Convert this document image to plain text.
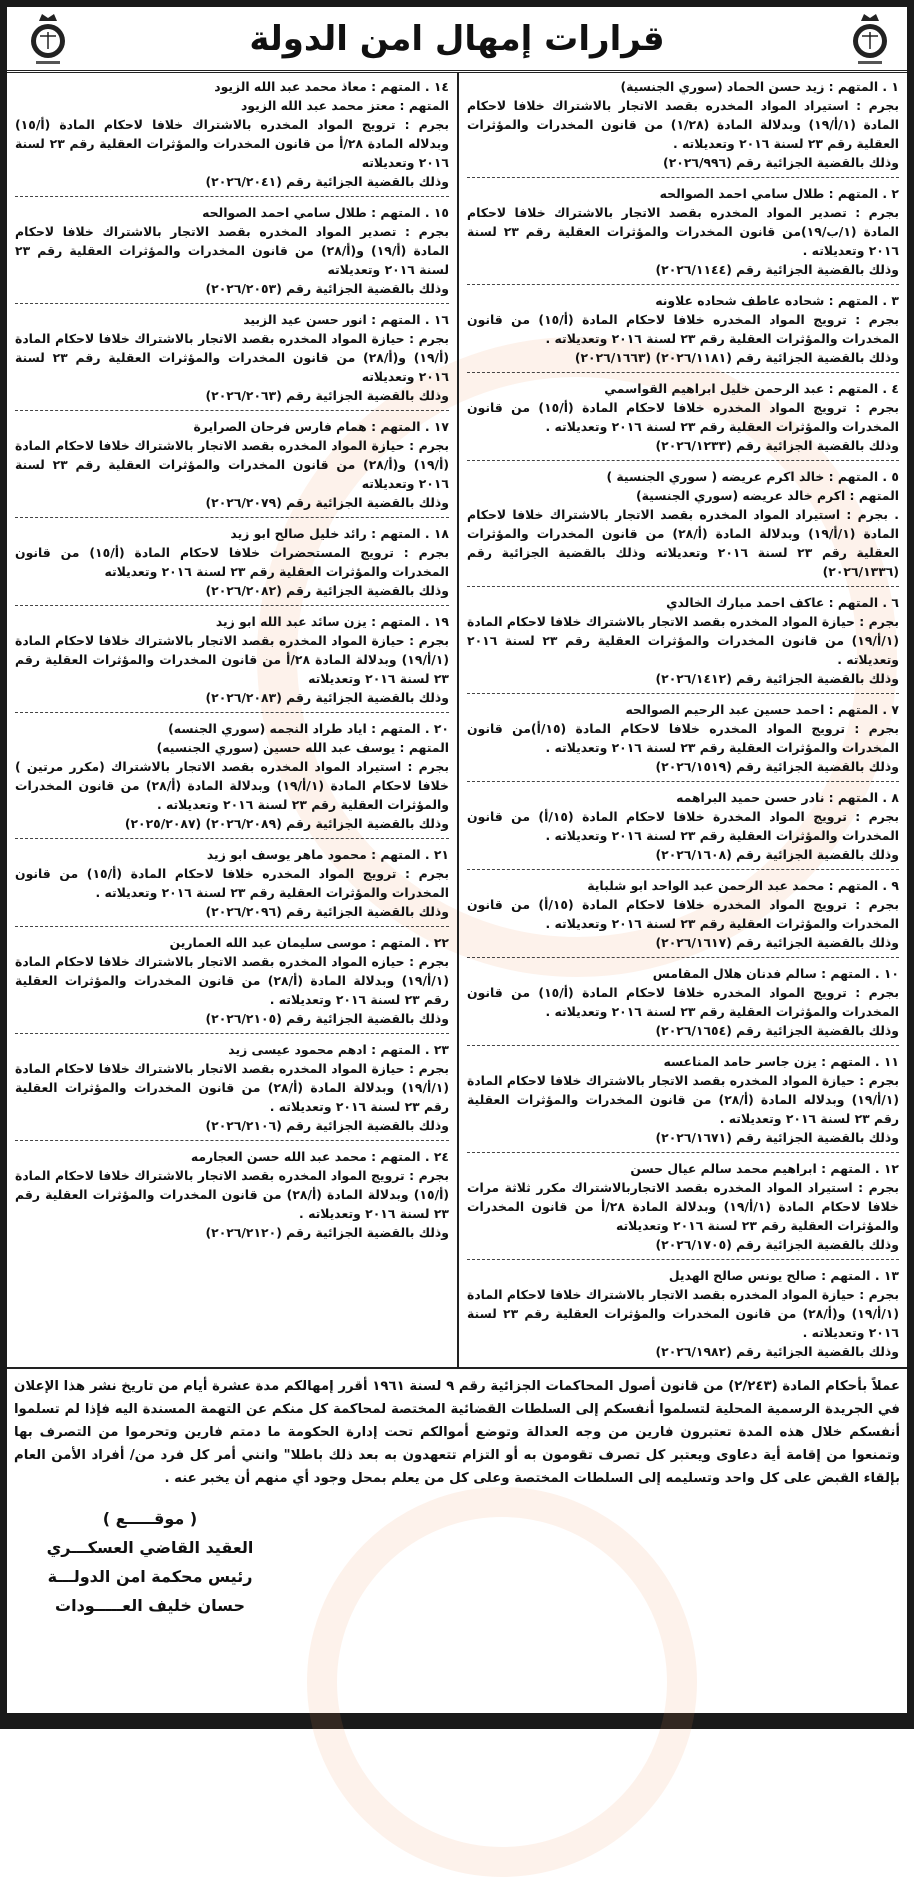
قرارات إمهال امن الدولة
١ . المتهم : زيد حسن الحماد (سوري الجنسية)
بجرم : استيراد المواد المخدره بقصد الاتجار بالاشتراك خلافا لاحكام المادة (١/أ/١٩) وبدلالة المادة (١/٢٨) من قانون المخدرات والمؤثرات العقلية رقم ٢٣ لسنة ٢٠١٦ وتعديلاته .
وذلك بالقضية الجزائية رقم (٢٠٢٦/٩٩٦)
٢ . المتهم : طلال سامي احمد الصوالحه
بجرم : تصدير المواد المخدره بقصد الاتجار بالاشتراك خلافا لاحكام المادة (١/ب/١٩)من قانون المخدرات والمؤثرات العقلية رقم ٢٣ لسنة ٢٠١٦ وتعديلاته .
وذلك بالقضية الجزائية رقم (٢٠٢٦/١١٤٤)
٣ . المتهم : شحاده عاطف شحاده علاونه
بجرم : ترويج المواد المخدره خلافا لاحكام المادة (أ/١٥) من قانون المخدرات والمؤثرات العقلية رقم ٢٣ لسنة ٢٠١٦ وتعديلاته .
وذلك بالقضية الجزائية رقم (٢٠٢٦/١١٨١) (٢٠٢٦/١٦٦٣)
٤ . المتهم : عبد الرحمن خليل ابراهيم القواسمي
بجرم : ترويج المواد المخدره خلافا لاحكام المادة (أ/١٥) من قانون المخدرات والمؤثرات العقلية رقم ٢٣ لسنة ٢٠١٦ وتعديلاته .
وذلك بالقضية الجزائية رقم (٢٠٢٦/١٢٣٣)
٥ . المتهم : خالد اكرم عريضه ( سوري الجنسية )
المتهم : اكرم خالد عريضه (سوري الجنسية)
. بجرم : استيراد المواد المخدره بقصد الاتجار بالاشتراك خلافا لاحكام المادة (١/أ/١٩) وبدلالة المادة (أ/٢٨) من قانون المخدرات والمؤثرات العقلية رقم ٢٣ لسنة ٢٠١٦ وتعديلاته وذلك بالقضية الجزائية رقم (٢٠٢٦/١٣٣٦)
٦ . المتهم : عاكف احمد مبارك الخالدي
بجرم : حيازة المواد المخدره بقصد الاتجار بالاشتراك خلافا لاحكام المادة (١/أ/١٩) من قانون المخدرات والمؤثرات العقلية رقم ٢٣ لسنة ٢٠١٦ وتعديلاته .
وذلك بالقضية الجزائية رقم (٢٠٢٦/١٤١٢)
٧ . المتهم : احمد حسين عبد الرحيم الصوالحه
بجرم : ترويج المواد المخدره خلافا لاحكام المادة (١٥/أ)من قانون المخدرات والمؤثرات العقلية رقم ٢٣ لسنة ٢٠١٦ وتعديلاته .
وذلك بالقضية الجزائية رقم (٢٠٢٦/١٥١٩)
٨ . المتهم : نادر حسن حميد البراهمه
بجرم : ترويج المواد المخدرة خلافا لاحكام المادة (١٥/أ) من قانون المخدرات والمؤثرات العقلية رقم ٢٣ لسنة ٢٠١٦ وتعديلاته .
وذلك بالقضية الجزائية رقم (٢٠٢٦/١٦٠٨)
٩ . المتهم : محمد عبد الرحمن عبد الواحد ابو شلباية
بجرم : ترويج المواد المخدره خلافا لاحكام المادة (١٥/أ) من قانون المخدرات والمؤثرات العقلية رقم ٢٣ لسنة ٢٠١٦ وتعديلاته .
وذلك بالقضية الجزائية رقم (٢٠٢٦/١٦١٧)
١٠ . المتهم : سالم فدنان هلال المقامس
بجرم : ترويج المواد المخدره خلافا لاحكام المادة (أ/١٥) من قانون المخدرات والمؤثرات العقلية رقم ٢٣ لسنة ٢٠١٦ وتعديلاته .
وذلك بالقضية الجزائية رقم (٢٠٢٦/١٦٥٤)
١١ . المتهم : يزن جاسر حامد المناعسه
بجرم : حيازة المواد المخدره بقصد الاتجار بالاشتراك خلافا لاحكام المادة (١/أ/١٩) وبدلاله المادة (أ/٢٨) من قانون المخدرات والمؤثرات العقلية رقم ٢٣ لسنة ٢٠١٦ وتعديلاته .
وذلك بالقضية الجزائية رقم (٢٠٢٦/١٦٧١)
١٢ . المتهم : ابراهيم محمد سالم عيال حسن
بجرم : استيراد المواد المخدره بقصد الاتجاربالاشتراك مكرر ثلاثة مرات خلافا لاحكام المادة (١/أ/١٩) وبدلالة المادة ٢٨/أ من قانون المخدرات والمؤثرات العقلية رقم ٢٣ لسنة ٢٠١٦ وتعديلاته
وذلك بالقضية الجزائية رقم (٢٠٢٦/١٧٠٥)
١٣ . المتهم : صالح يونس صالح الهديل
بجرم : حيازة المواد المخدره بقصد الاتجار بالاشتراك خلافا لاحكام المادة (١/أ/١٩) و(أ/٢٨) من قانون المخدرات والمؤثرات العقلية رقم ٢٣ لسنة ٢٠١٦ وتعديلاته .
وذلك بالقضية الجزائية رقم (٢٠٢٦/١٩٨٢)
١٤ . المتهم : معاذ محمد عبد الله الزيود
المتهم : معتز محمد عبد الله الزيود
بجرم : ترويج المواد المخدره بالاشتراك خلافا لاحكام المادة (أ/١٥) وبدلاله المادة ٢٨/أ من قانون المخدرات والمؤثرات العقلية رقم ٢٣ لسنة ٢٠١٦ وتعديلاته
وذلك بالقضية الجزائية رقم (٢٠٢٦/٢٠٤١)
١٥ . المتهم : طلال سامي احمد الصوالحه
بجرم : تصدير المواد المخدره بقصد الاتجار بالاشتراك خلافا لاحكام المادة (أ/١٩) و(أ/٢٨) من قانون المخدرات والمؤثرات العقلية رقم ٢٣ لسنة ٢٠١٦ وتعديلاته
وذلك بالقضية الجزائية رقم (٢٠٢٦/٢٠٥٣)
١٦ . المتهم : انور حسن عيد الزبيد
بجرم : حيازة المواد المخدره بقصد الاتجار بالاشتراك خلافا لاحكام المادة (أ/١٩) و(أ/٢٨) من قانون المخدرات والمؤثرات العقلية رقم ٢٣ لسنة ٢٠١٦ وتعديلاته
وذلك بالقضية الجزائية رقم (٢٠٢٦/٢٠٦٣)
١٧ . المتهم : همام فارس فرحان الصرايرة
بجرم : حيازة المواد المخدره بقصد الاتجار بالاشتراك خلافا لاحكام المادة (أ/١٩) و(أ/٢٨) من قانون المخدرات والمؤثرات العقلية رقم ٢٣ لسنة ٢٠١٦ وتعديلاته
وذلك بالقضية الجزائية رقم (٢٠٢٦/٢٠٧٩)
١٨ . المتهم : رائد خليل صالح ابو زيد
بجرم : ترويج المستحضرات خلافا لاحكام المادة (أ/١٥) من قانون المخدرات والمؤثرات العقلية رقم ٢٣ لسنة ٢٠١٦ وتعديلاته
وذلك بالقضية الجزائية رقم (٢٠٢٦/٢٠٨٢)
١٩ . المتهم : يزن سائد عبد الله ابو زيد
بجرم : حيازة المواد المخدره بقصد الاتجار بالاشتراك خلافا لاحكام المادة (١/أ/١٩) وبدلالة المادة ٢٨/أ من قانون المخدرات والمؤثرات العقلية رقم ٢٣ لسنة ٢٠١٦ وتعديلاته
وذلك بالقضية الجزائية رقم (٢٠٢٦/٢٠٨٣)
٢٠ . المتهم : اياد طراد النجمه (سوري الجنسه)
المتهم : يوسف عبد الله حسين (سوري الجنسيه)
بجرم : استيراد المواد المخدره بقصد الاتجار بالاشتراك (مكرر مرتين ) خلافا لاحكام المادة (١/أ/١٩) وبدلالة المادة (أ/٢٨) من قانون المخدرات والمؤثرات العقلية رقم ٢٣ لسنة ٢٠١٦ وتعديلاته .
وذلك بالقضية الجزائية رقم (٢٠٢٦/٢٠٨٩) (٢٠٢٥/٢٠٨٧)
٢١ . المتهم : محمود ماهر يوسف ابو زيد
بجرم : ترويج المواد المخدره خلافا لاحكام المادة (أ/١٥) من قانون المخدرات والمؤثرات العقلية رقم ٢٣ لسنة ٢٠١٦ وتعديلاته .
وذلك بالقضية الجزائية رقم (٢٠٢٦/٢٠٩٦)
٢٢ . المتهم : موسى سليمان عبد الله العمارين
بجرم : حيازه المواد المخدره بقصد الاتجار بالاشتراك خلافا لاحكام المادة (١/أ/١٩) وبدلالة المادة (أ/٢٨) من قانون المخدرات والمؤثرات العقلية رقم ٢٣ لسنة ٢٠١٦ وتعديلاته .
وذلك بالقضية الجزائية رقم (٢٠٢٦/٢١٠٥)
٢٣ . المتهم : ادهم محمود عيسى زيد
بجرم : حيازة المواد المخدره بقصد الاتجار بالاشتراك خلافا لاحكام المادة (١/أ/١٩) وبدلالة المادة (أ/٢٨) من قانون المخدرات والمؤثرات العقلية رقم ٢٣ لسنة ٢٠١٦ وتعديلاته .
وذلك بالقضية الجزائية رقم (٢٠٢٦/٢١٠٦)
٢٤ . المتهم : محمد عبد الله حسن العجارمه
بجرم : ترويج المواد المخدره بقصد الاتجار بالاشتراك خلافا لاحكام المادة (أ/١٥) وبدلالة المادة (أ/٢٨) من قانون المخدرات والمؤثرات العقلية رقم ٢٣ لسنة ٢٠١٦ وتعديلاته .
وذلك بالقضية الجزائية رقم (٢٠٢٦/٢١٢٠)
عملاً بأحكام المادة (٢/٢٤٣) من قانون أصول المحاكمات الجزائية رقم ٩ لسنة ١٩٦١ أقرر إمهالكم مدة عشرة أيام من تاريخ نشر هذا الإعلان في الجريدة الرسمية المحلية لتسلموا أنفسكم إلى السلطات القضائية المختصة لمحاكمة كل منكم عن التهمة المسندة اليه فإذا لم تسلموا أنفسكم خلال هذه المدة تعتبرون فارين من وجه العدالة وتوضع أموالكم تحت إدارة الحكومة ما دمتم فارين وتحرموا من التصرف بها وتمنعوا من إقامة أية دعاوى ويعتبر كل تصرف تقومون به أو التزام تتعهدون به بعد ذلك باطلا" وانني أمر كل فرد من/ أفراد الأمن العام بإلقاء القبض على كل واحد وتسليمه إلى السلطات المختصة وعلى كل من يعلم بمحل وجود أي منهم أن يخبر عنه .
( موقـــــع )
العقيد القاضي العسكـــري
رئيس محكمة امن الدولـــة
حسان خليف العـــــودات
